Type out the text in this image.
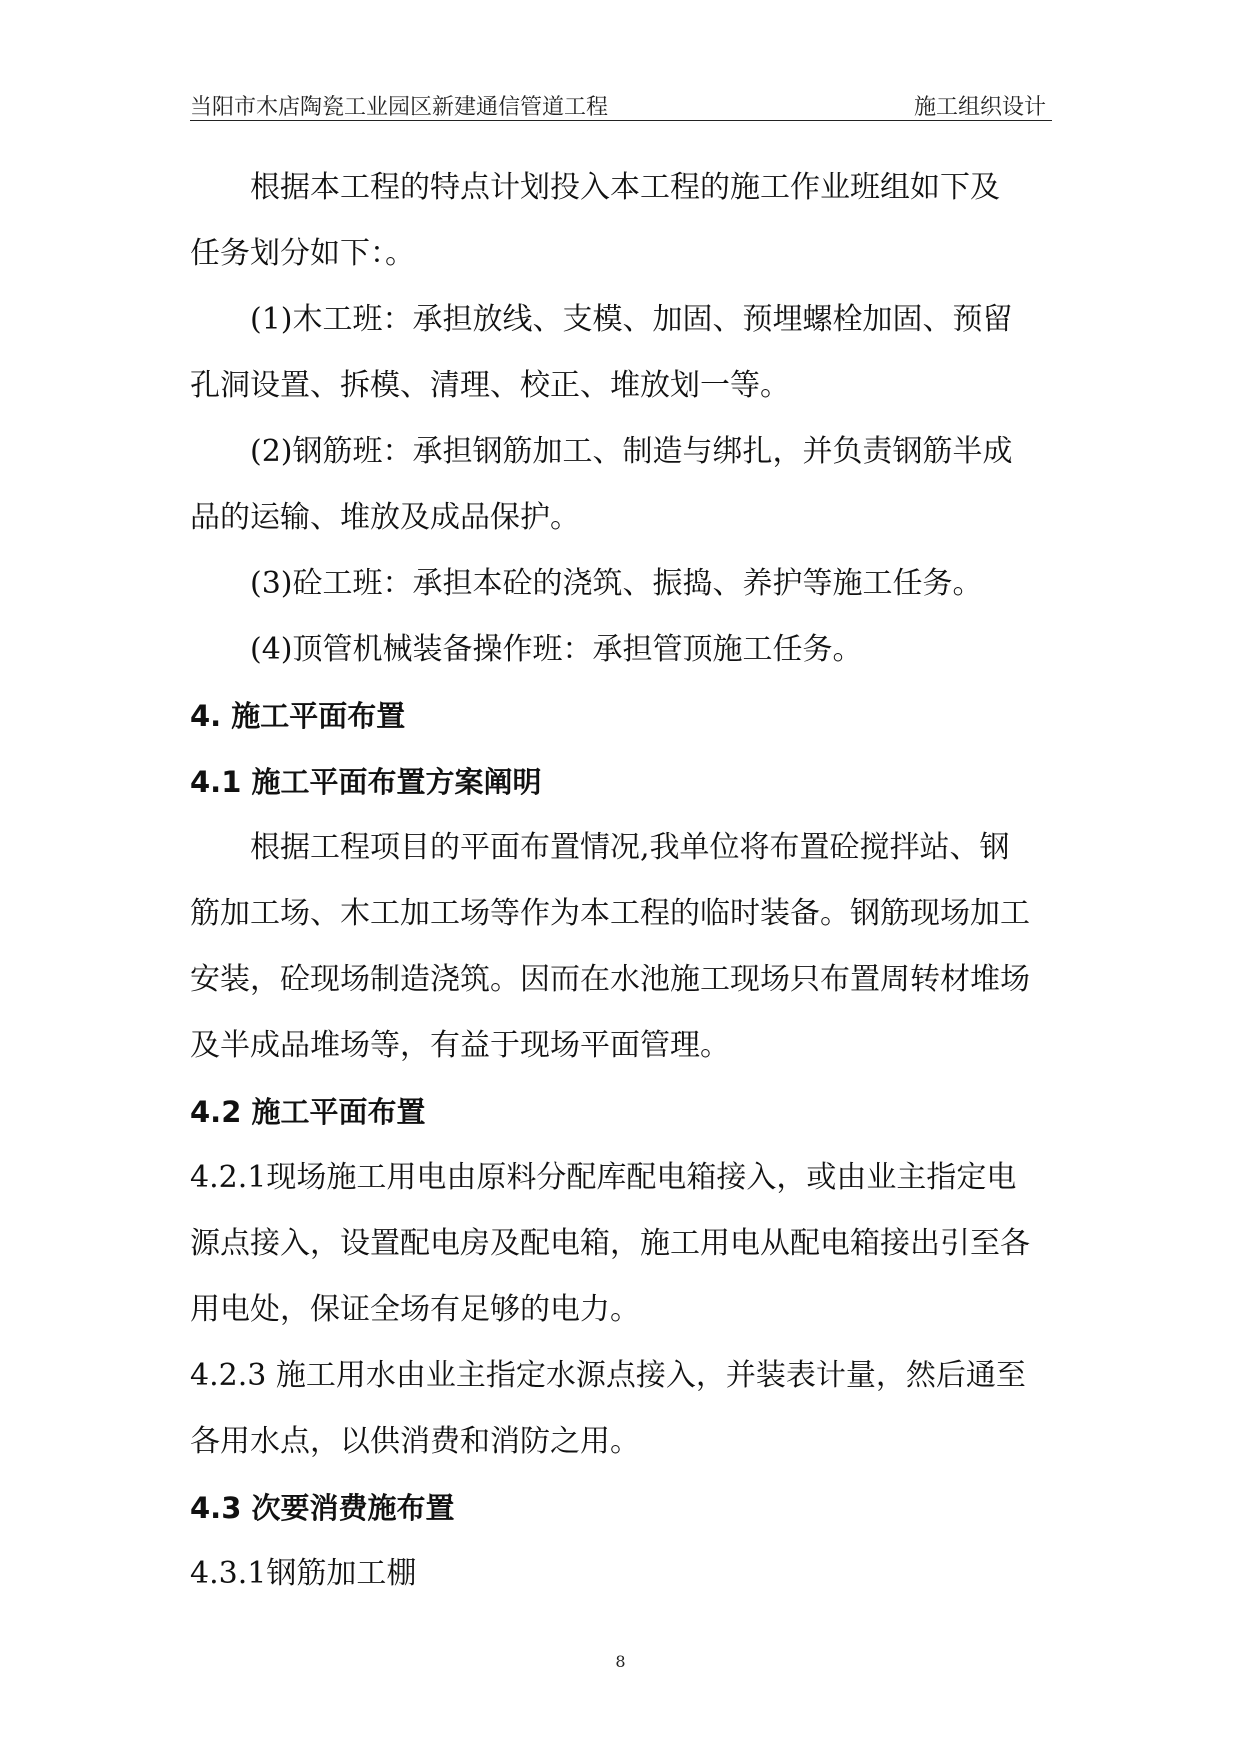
当阳市木店陶瓷工业园区新建通信管道工程	施工组织设计

根据本工程的特点计划投入本工程的施工作业班组如下及

任务划分如下：。

(1)木工班：承担放线、支模、加固、预埋螺栓加固、预留

孔洞设置、拆模、清理、校正、堆放划一等。

(2)钢筋班：承担钢筋加工、制造与绑扎，并负责钢筋半成

品的运输、堆放及成品保护。

(3)砼工班：承担本砼的浇筑、振捣、养护等施工任务。

(4)顶管机械装备操作班：承担管顶施工任务。

4. 施工平面布置

4.1 施工平面布置方案阐明

根据工程项目的平面布置情况,我单位将布置砼搅拌站、钢

筋加工场、木工加工场等作为本工程的临时装备。钢筋现场加工

安装，砼现场制造浇筑。因而在水池施工现场只布置周转材堆场

及半成品堆场等，有益于现场平面管理。

4.2 施工平面布置

4.2.1现场施工用电由原料分配库配电箱接入，或由业主指定电

源点接入，设置配电房及配电箱，施工用电从配电箱接出引至各

用电处，保证全场有足够的电力。

4.2.3 施工用水由业主指定水源点接入，并装表计量，然后通至

各用水点，以供消费和消防之用。

4.3 次要消费施布置

4.3.1钢筋加工棚

8
